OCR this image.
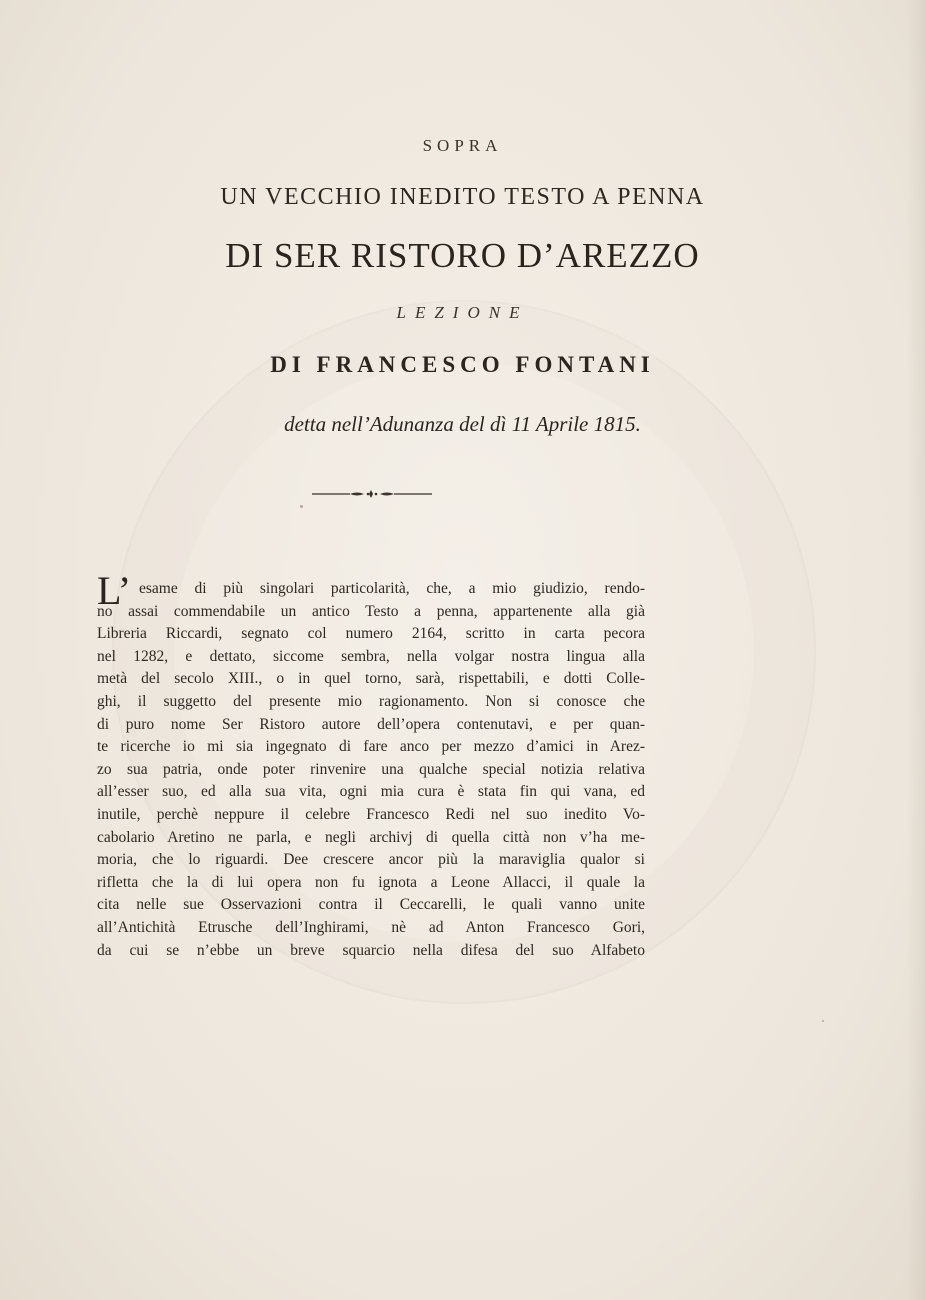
SOPRA
UN VECCHIO INEDITO TESTO A PENNA
DI SER RISTORO D’AREZZO
LEZIONE
DI FRANCESCO FONTANI
detta nell’Adunanza del dì 11 Aprile 1815.
L’ esame di più singolari particolarità, che, a mio giudizio, rendo-
no assai commendabile un antico Testo a penna, appartenente alla già
Libreria Riccardi, segnato col numero 2164, scritto in carta pecora
nel 1282, e dettato, siccome sembra, nella volgar nostra lingua alla
metà del secolo XIII., o in quel torno, sarà, rispettabili, e dotti Colle-
ghi, il suggetto del presente mio ragionamento. Non si conosce che
di puro nome Ser Ristoro autore dell’opera contenutavi, e per quan-
te ricerche io mi sia ingegnato di fare anco per mezzo d’amici in Arez-
zo sua patria, onde poter rinvenire una qualche special notizia relativa
all’esser suo, ed alla sua vita, ogni mia cura è stata fin qui vana, ed
inutile, perchè neppure il celebre Francesco Redi nel suo inedito Vo-
cabolario Aretino ne parla, e negli archivj di quella città non v’ha me-
moria, che lo riguardi. Dee crescere ancor più la maraviglia qualor si
rifletta che la di lui opera non fu ignota a Leone Allacci, il quale la
cita nelle sue Osservazioni contra il Ceccarelli, le quali vanno unite
all’Antichità Etrusche dell’Inghirami, nè ad Anton Francesco Gori,
da cui se n’ebbe un breve squarcio nella difesa del suo Alfabeto
